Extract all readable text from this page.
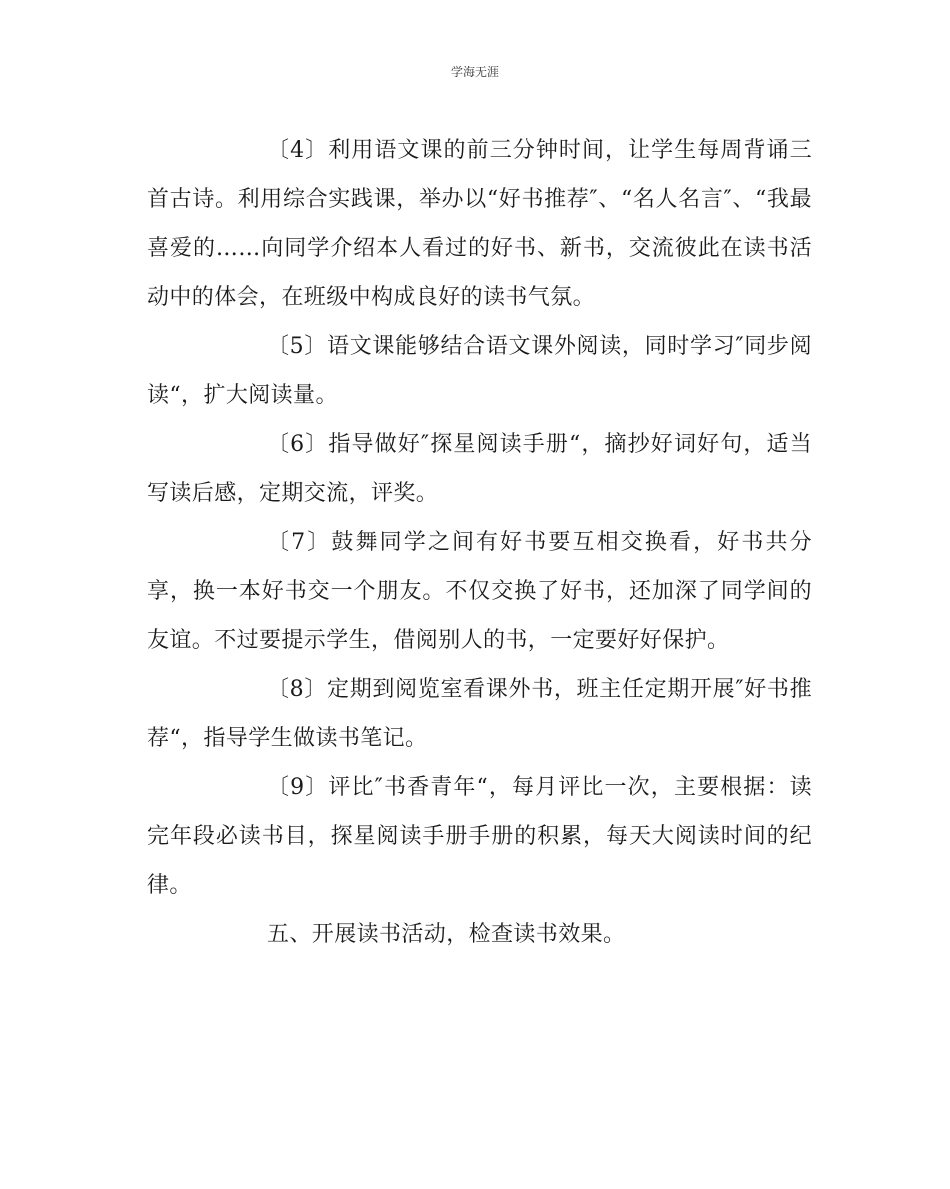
学海无涯

〔4〕利用语文课的前三分钟时间，让学生每周背诵三首古诗。利用综合实践课，举办以“好书推荐″、“名人名言″、“我最喜爱的……向同学介绍本人看过的好书、新书，交流彼此在读书活动中的体会，在班级中构成良好的读书气氛。

〔5〕语文课能够结合语文课外阅读，同时学习″同步阅读“，扩大阅读量。

〔6〕指导做好″探星阅读手册“，摘抄好词好句，适当写读后感，定期交流，评奖。

〔7〕鼓舞同学之间有好书要互相交换看，好书共分享，换一本好书交一个朋友。不仅交换了好书，还加深了同学间的友谊。不过要提示学生，借阅别人的书，一定要好好保护。

〔8〕定期到阅览室看课外书，班主任定期开展″好书推荐“，指导学生做读书笔记。

〔9〕评比″书香青年“，每月评比一次，主要根据：读完年段必读书目，探星阅读手册手册的积累，每天大阅读时间的纪律。

五、开展读书活动，检查读书效果。
